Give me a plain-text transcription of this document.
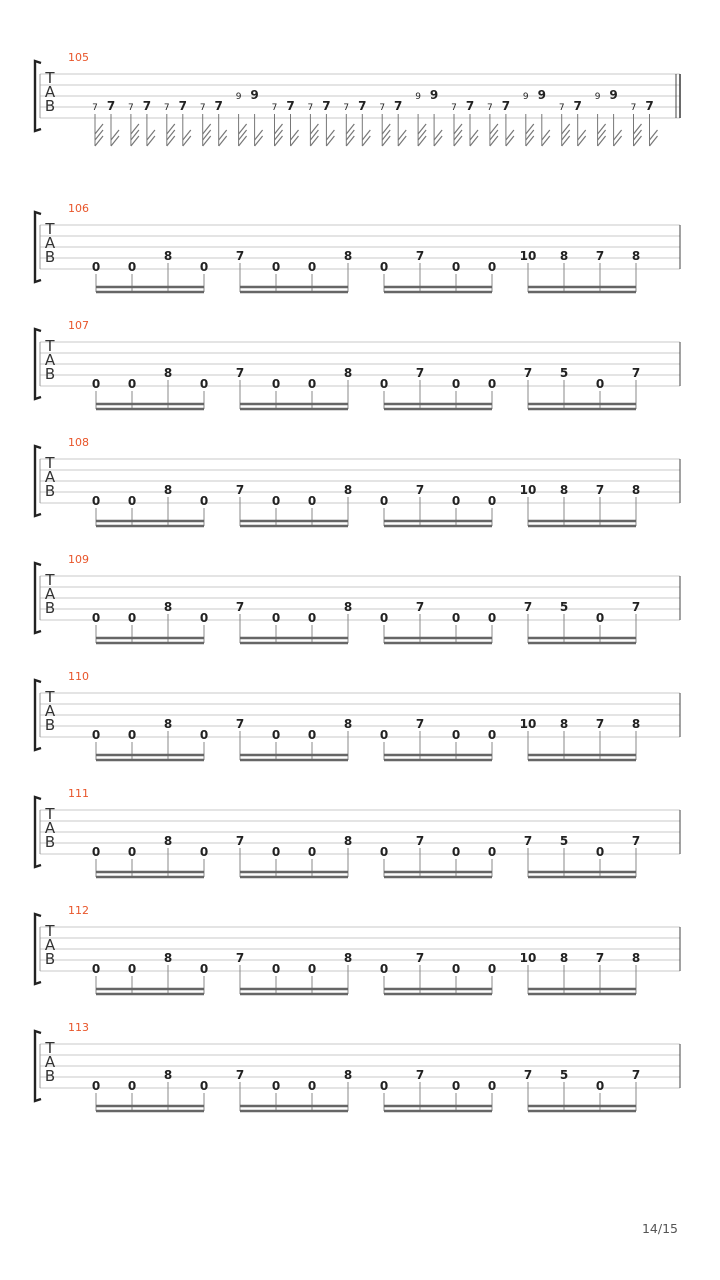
T
A
B
105
7 7 7 7 7 7 7 7
9 9
7 7 7 7 7 7 7 7
9 9
7 7 7 7
9 9
7 7
9 9
7 7
T
A
B
106
0 0
8
0
7
0 0
8
0
7
0 0
10 8 7 8
T
A
B
107
0 0
8
0
7
0 0
8
0
7
0 0
7 5
0
7
T
A
B
108
0 0
8
0
7
0 0
8
0
7
0 0
10 8 7 8
T
A
B
109
0 0
8
0
7
0 0
8
0
7
0 0
7 5
0
7
T
A
B
110
0 0
8
0
7
0 0
8
0
7
0 0
10 8 7 8
T
A
B
111
0 0
8
0
7
0 0
8
0
7
0 0
7 5
0
7
T
A
B
112
0 0
8
0
7
0 0
8
0
7
0 0
10 8 7 8
T
A
B
113
0 0
8
0
7
0 0
8
0
7
0 0
7 5
0
7
14/15
